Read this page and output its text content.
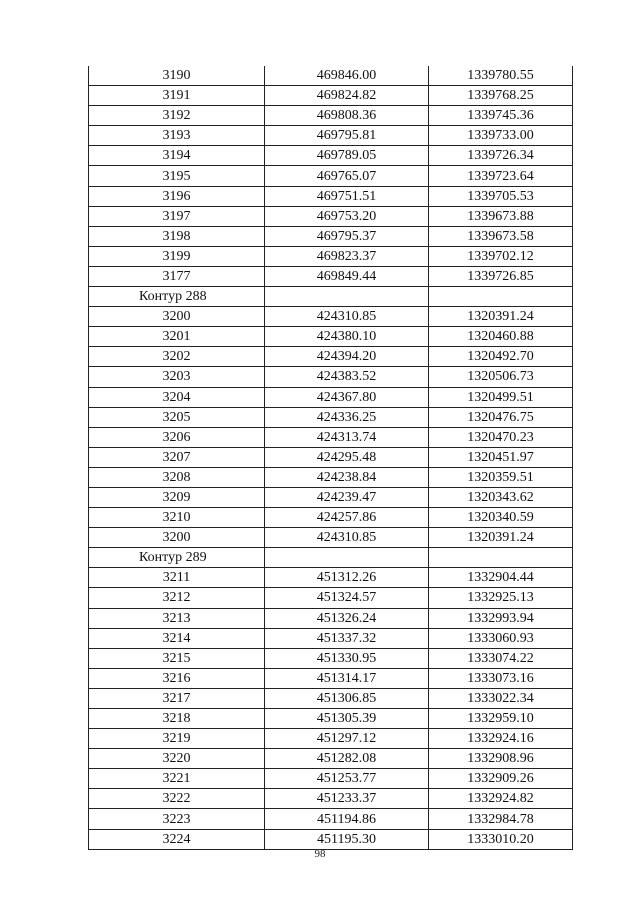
3190	469846.00	1339780.55
3191	469824.82	1339768.25
3192	469808.36	1339745.36
3193	469795.81	1339733.00
3194	469789.05	1339726.34
3195	469765.07	1339723.64
3196	469751.51	1339705.53
3197	469753.20	1339673.88
3198	469795.37	1339673.58
3199	469823.37	1339702.12
3177	469849.44	1339726.85
Контур 288		
3200	424310.85	1320391.24
3201	424380.10	1320460.88
3202	424394.20	1320492.70
3203	424383.52	1320506.73
3204	424367.80	1320499.51
3205	424336.25	1320476.75
3206	424313.74	1320470.23
3207	424295.48	1320451.97
3208	424238.84	1320359.51
3209	424239.47	1320343.62
3210	424257.86	1320340.59
3200	424310.85	1320391.24
Контур 289		
3211	451312.26	1332904.44
3212	451324.57	1332925.13
3213	451326.24	1332993.94
3214	451337.32	1333060.93
3215	451330.95	1333074.22
3216	451314.17	1333073.16
3217	451306.85	1333022.34
3218	451305.39	1332959.10
3219	451297.12	1332924.16
3220	451282.08	1332908.96
3221	451253.77	1332909.26
3222	451233.37	1332924.82
3223	451194.86	1332984.78
3224	451195.30	1333010.20
98
